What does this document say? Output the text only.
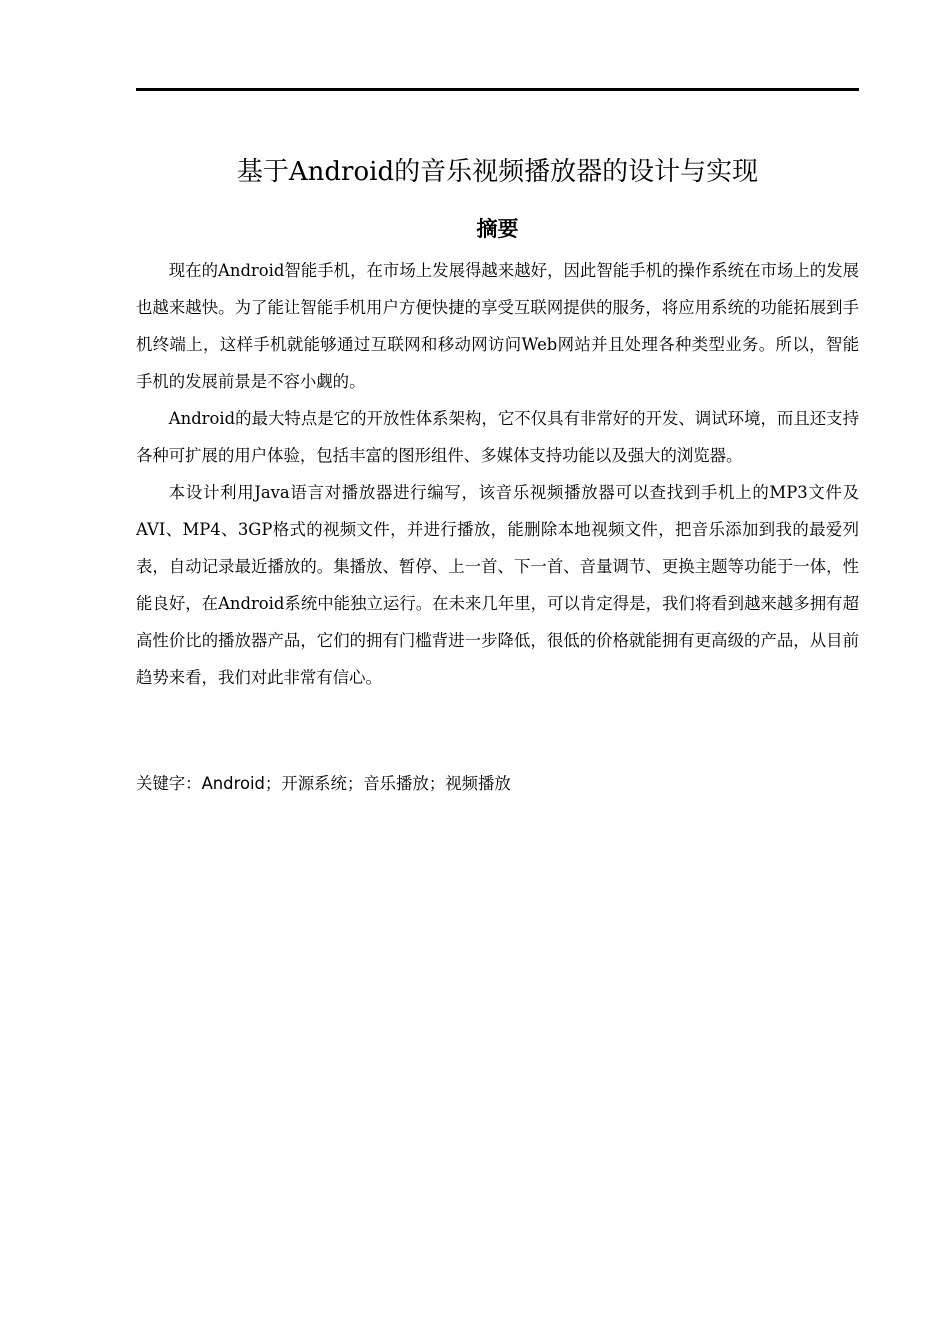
基于Android的音乐视频播放器的设计与实现
摘要

现在的Android智能手机，在市场上发展得越来越好，因此智能手机的操作系统在市场上的发展也越来越快。为了能让智能手机用户方便快捷的享受互联网提供的服务，将应用系统的功能拓展到手机终端上，这样手机就能够通过互联网和移动网访问Web网站并且处理各种类型业务。所以，智能手机的发展前景是不容小觑的。

Android的最大特点是它的开放性体系架构，它不仅具有非常好的开发、调试环境，而且还支持各种可扩展的用户体验，包括丰富的图形组件、多媒体支持功能以及强大的浏览器。

本设计利用Java语言对播放器进行编写，该音乐视频播放器可以查找到手机上的MP3文件及AVI、MP4、3GP格式的视频文件，并进行播放，能删除本地视频文件，把音乐添加到我的最爱列表，自动记录最近播放的。集播放、暂停、上一首、下一首、音量调节、更换主题等功能于一体，性能良好，在Android系统中能独立运行。在未来几年里，可以肯定得是，我们将看到越来越多拥有超高性价比的播放器产品，它们的拥有门槛背进一步降低，很低的价格就能拥有更高级的产品，从目前趋势来看，我们对此非常有信心。

关键字：Android；开源系统；音乐播放；视频播放
